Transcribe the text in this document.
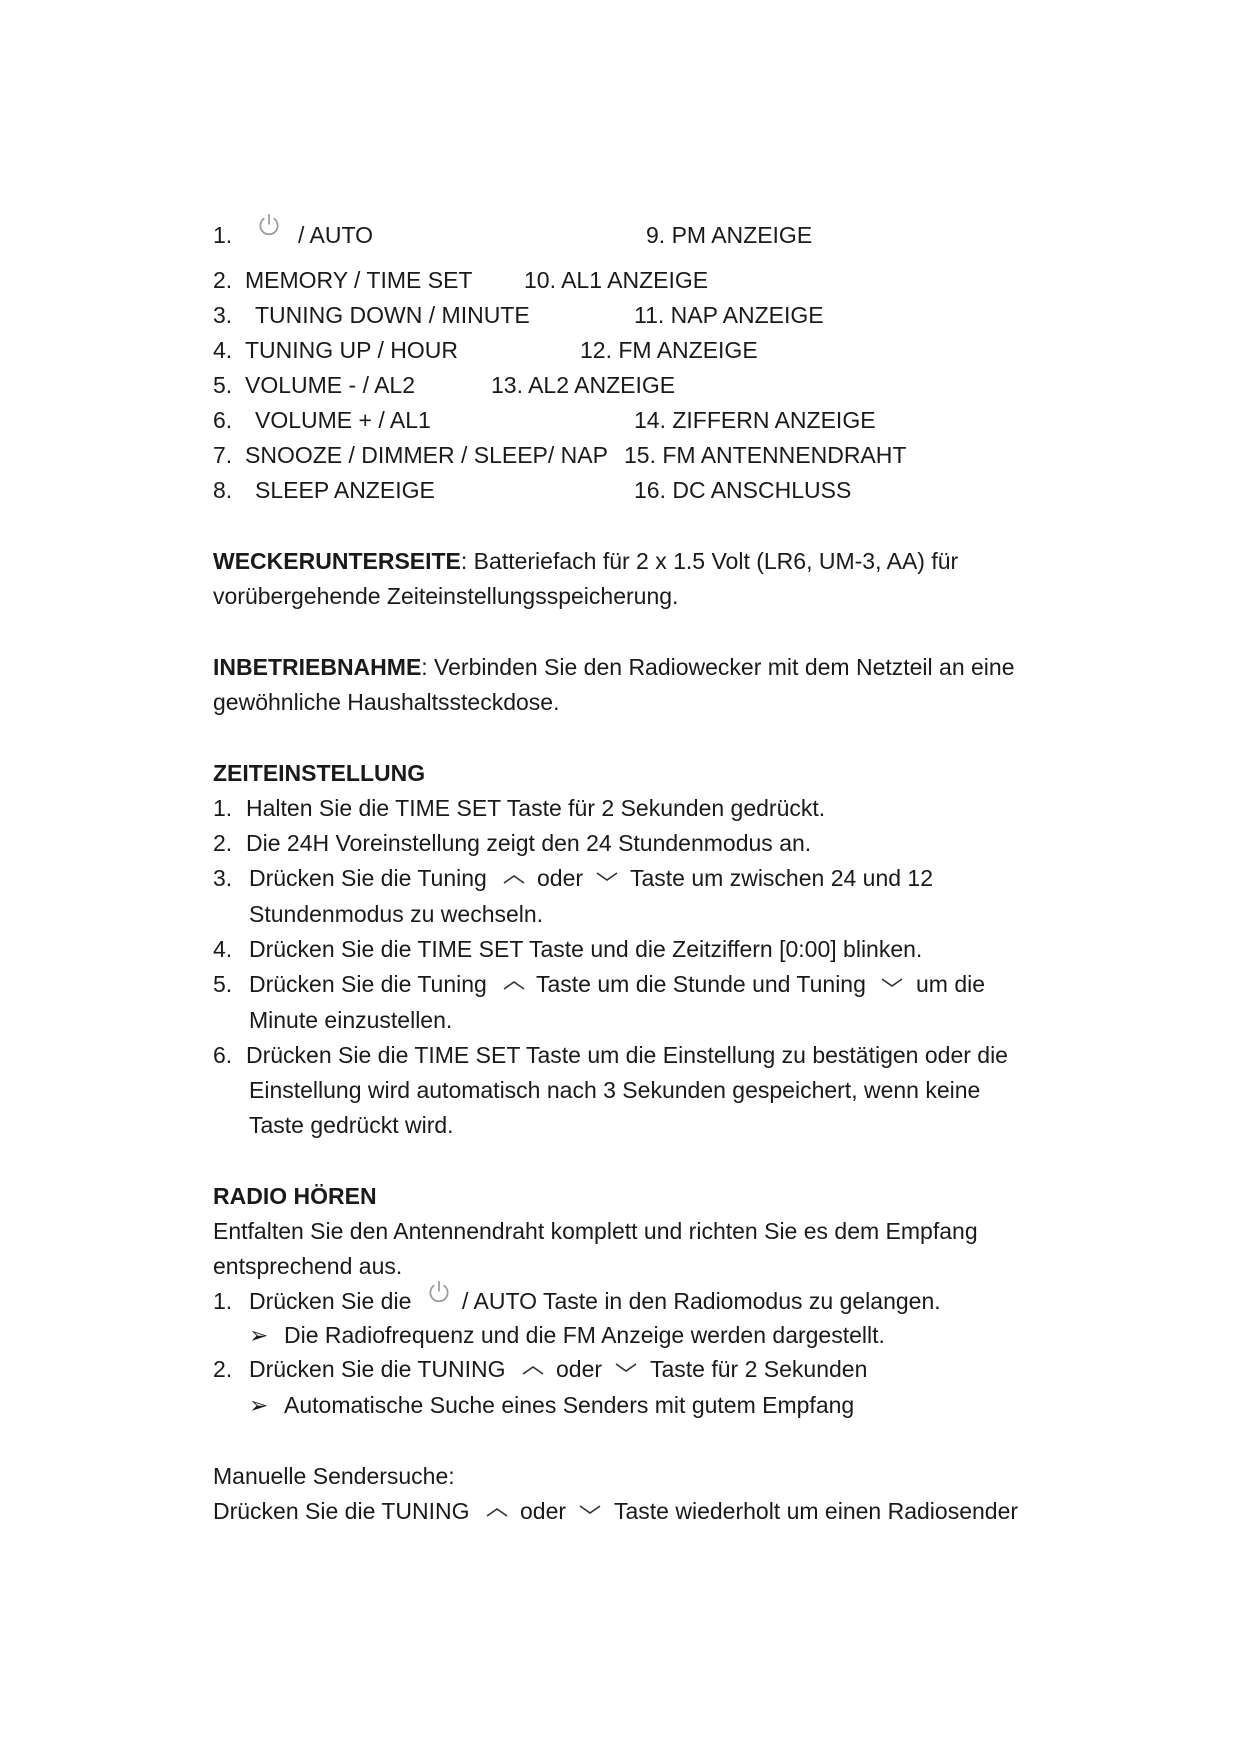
1.	/ AUTO
2. MEMORY / TIME SET
3. TUNING DOWN / MINUTE
4. TUNING UP / HOUR
5. VOLUME - / AL2
6. VOLUME + / AL1
7. SNOOZE / DIMMER / SLEEP/ NAP
8. SLEEP ANZEIGE
9. PM ANZEIGE
10. AL1 ANZEIGE
11. NAP ANZEIGE
12. FM ANZEIGE
13. AL2 ANZEIGE
14. ZIFFERN ANZEIGE
15. FM ANTENNENDRAHT
16. DC ANSCHLUSS
WECKERUNTERSEITE: Batteriefach für 2 x 1.5 Volt (LR6, UM-3, AA) für
vorübergehende Zeiteinstellungsspeicherung.
INBETRIEBNAHME: Verbinden Sie den Radiowecker mit dem Netzteil an eine
gewöhnliche Haushaltssteckdose.
ZEITEINSTELLUNG
1. Halten Sie die TIME SET Taste für 2 Sekunden gedrückt.
2. Die 24H Voreinstellung zeigt den 24 Stundenmodus an.
3. Drücken Sie die Tuning oder Taste um zwischen 24 und 12
Stundenmodus zu wechseln.
4. Drücken Sie die TIME SET Taste und die Zeitziffern [0:00] blinken.
5. Drücken Sie die Tuning Taste um die Stunde und Tuning um die
Minute einzustellen.
6. Drücken Sie die TIME SET Taste um die Einstellung zu bestätigen oder die
Einstellung wird automatisch nach 3 Sekunden gespeichert, wenn keine
Taste gedrückt wird.
RADIO HÖREN
Entfalten Sie den Antennendraht komplett und richten Sie es dem Empfang
entsprechend aus.
1. Drücken Sie die / AUTO Taste in den Radiomodus zu gelangen.
➢ Die Radiofrequenz und die FM Anzeige werden dargestellt.
2. Drücken Sie die TUNING oder Taste für 2 Sekunden
➢ Automatische Suche eines Senders mit gutem Empfang
Manuelle Sendersuche:
Drücken Sie die TUNING oder Taste wiederholt um einen Radiosender
